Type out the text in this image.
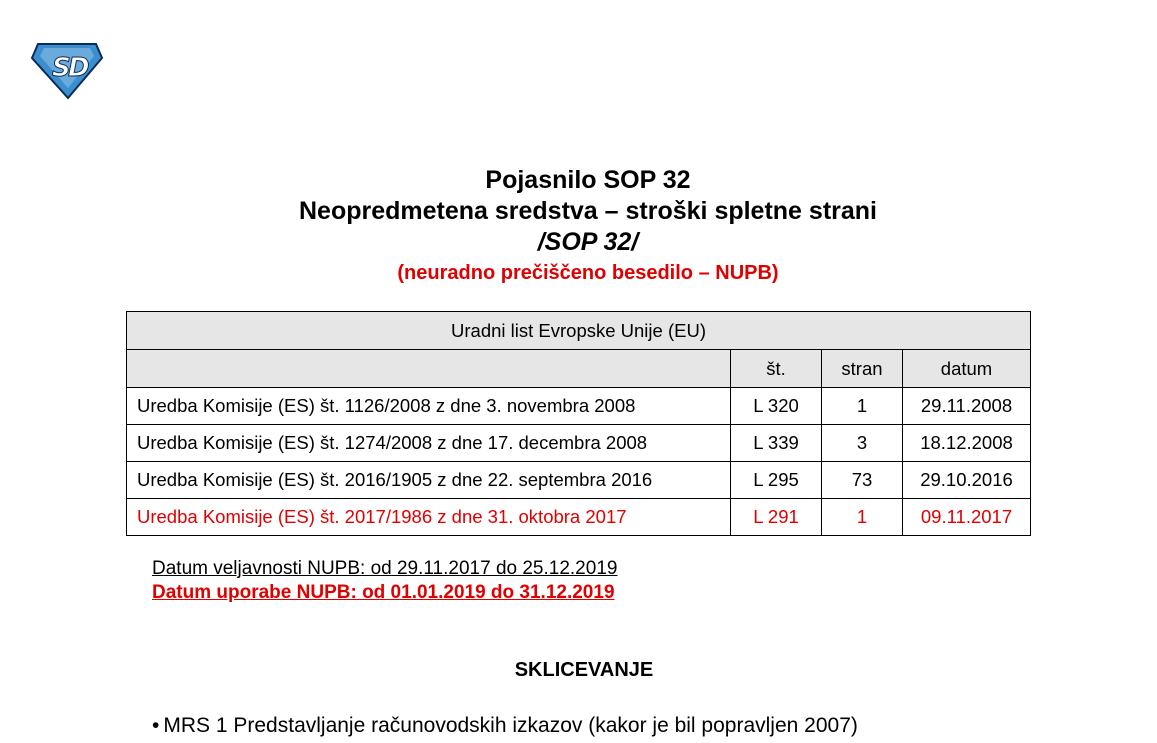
S
D
Pojasnilo SOP 32
Neopredmetena sredstva – stroški spletne strani
/SOP 32/
(neuradno prečiščeno besedilo – NUPB)
Uradni list Evropske Unije (EU)			
	št.	stran	datum
Uredba Komisije (ES) št. 1126/2008 z dne 3. novembra 2008	L 320	1	29.11.2008
Uredba Komisije (ES) št. 1274/2008 z dne 17. decembra 2008	L 339	3	18.12.2008
Uredba Komisije (ES) št. 2016/1905 z dne 22. septembra 2016	L 295	73	29.10.2016
Uredba Komisije (ES) št. 2017/1986 z dne 31. oktobra 2017	L 291	1	09.11.2017
Datum veljavnosti NUPB: od 29.11.2017 do 25.12.2019
Datum uporabe NUPB: od 01.01.2019 do 31.12.2019
SKLICEVANJE
• MRS 1 Predstavljanje računovodskih izkazov (kakor je bil popravljen 2007)
